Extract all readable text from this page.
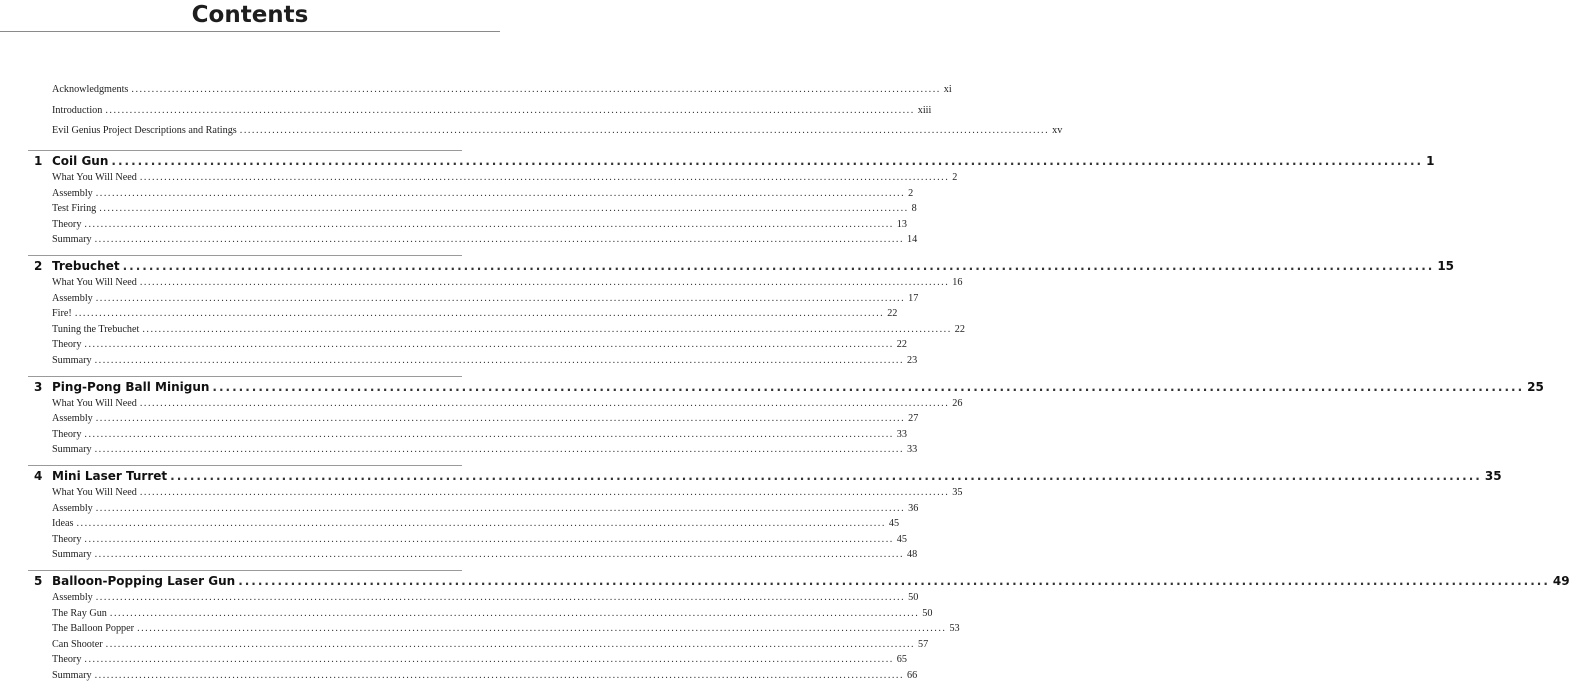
Contents
Acknowledgments ........................................................................................................................................................................................................ xi
Introduction ........................................................................................................................................................................................................ xiii
Evil Genius Project Descriptions and Ratings ........................................................................................................................................................................................................ xv
1 Coil Gun ........................................................................................................................................................................................................ 1
What You Will Need ........................................................................................................................................................................................................ 2
Assembly ........................................................................................................................................................................................................ 2
Test Firing ........................................................................................................................................................................................................ 8
Theory ........................................................................................................................................................................................................ 13
Summary ........................................................................................................................................................................................................ 14
2 Trebuchet ........................................................................................................................................................................................................ 15
What You Will Need ........................................................................................................................................................................................................ 16
Assembly ........................................................................................................................................................................................................ 17
Fire! ........................................................................................................................................................................................................ 22
Tuning the Trebuchet ........................................................................................................................................................................................................ 22
Theory ........................................................................................................................................................................................................ 22
Summary ........................................................................................................................................................................................................ 23
3 Ping-Pong Ball Minigun ........................................................................................................................................................................................................ 25
What You Will Need ........................................................................................................................................................................................................ 26
Assembly ........................................................................................................................................................................................................ 27
Theory ........................................................................................................................................................................................................ 33
Summary ........................................................................................................................................................................................................ 33
4 Mini Laser Turret ........................................................................................................................................................................................................ 35
What You Will Need ........................................................................................................................................................................................................ 35
Assembly ........................................................................................................................................................................................................ 36
Ideas ........................................................................................................................................................................................................ 45
Theory ........................................................................................................................................................................................................ 45
Summary ........................................................................................................................................................................................................ 48
5 Balloon-Popping Laser Gun ........................................................................................................................................................................................................ 49
Assembly ........................................................................................................................................................................................................ 50
The Ray Gun ........................................................................................................................................................................................................ 50
The Balloon Popper ........................................................................................................................................................................................................ 53
Can Shooter ........................................................................................................................................................................................................ 57
Theory ........................................................................................................................................................................................................ 65
Summary ........................................................................................................................................................................................................ 66
